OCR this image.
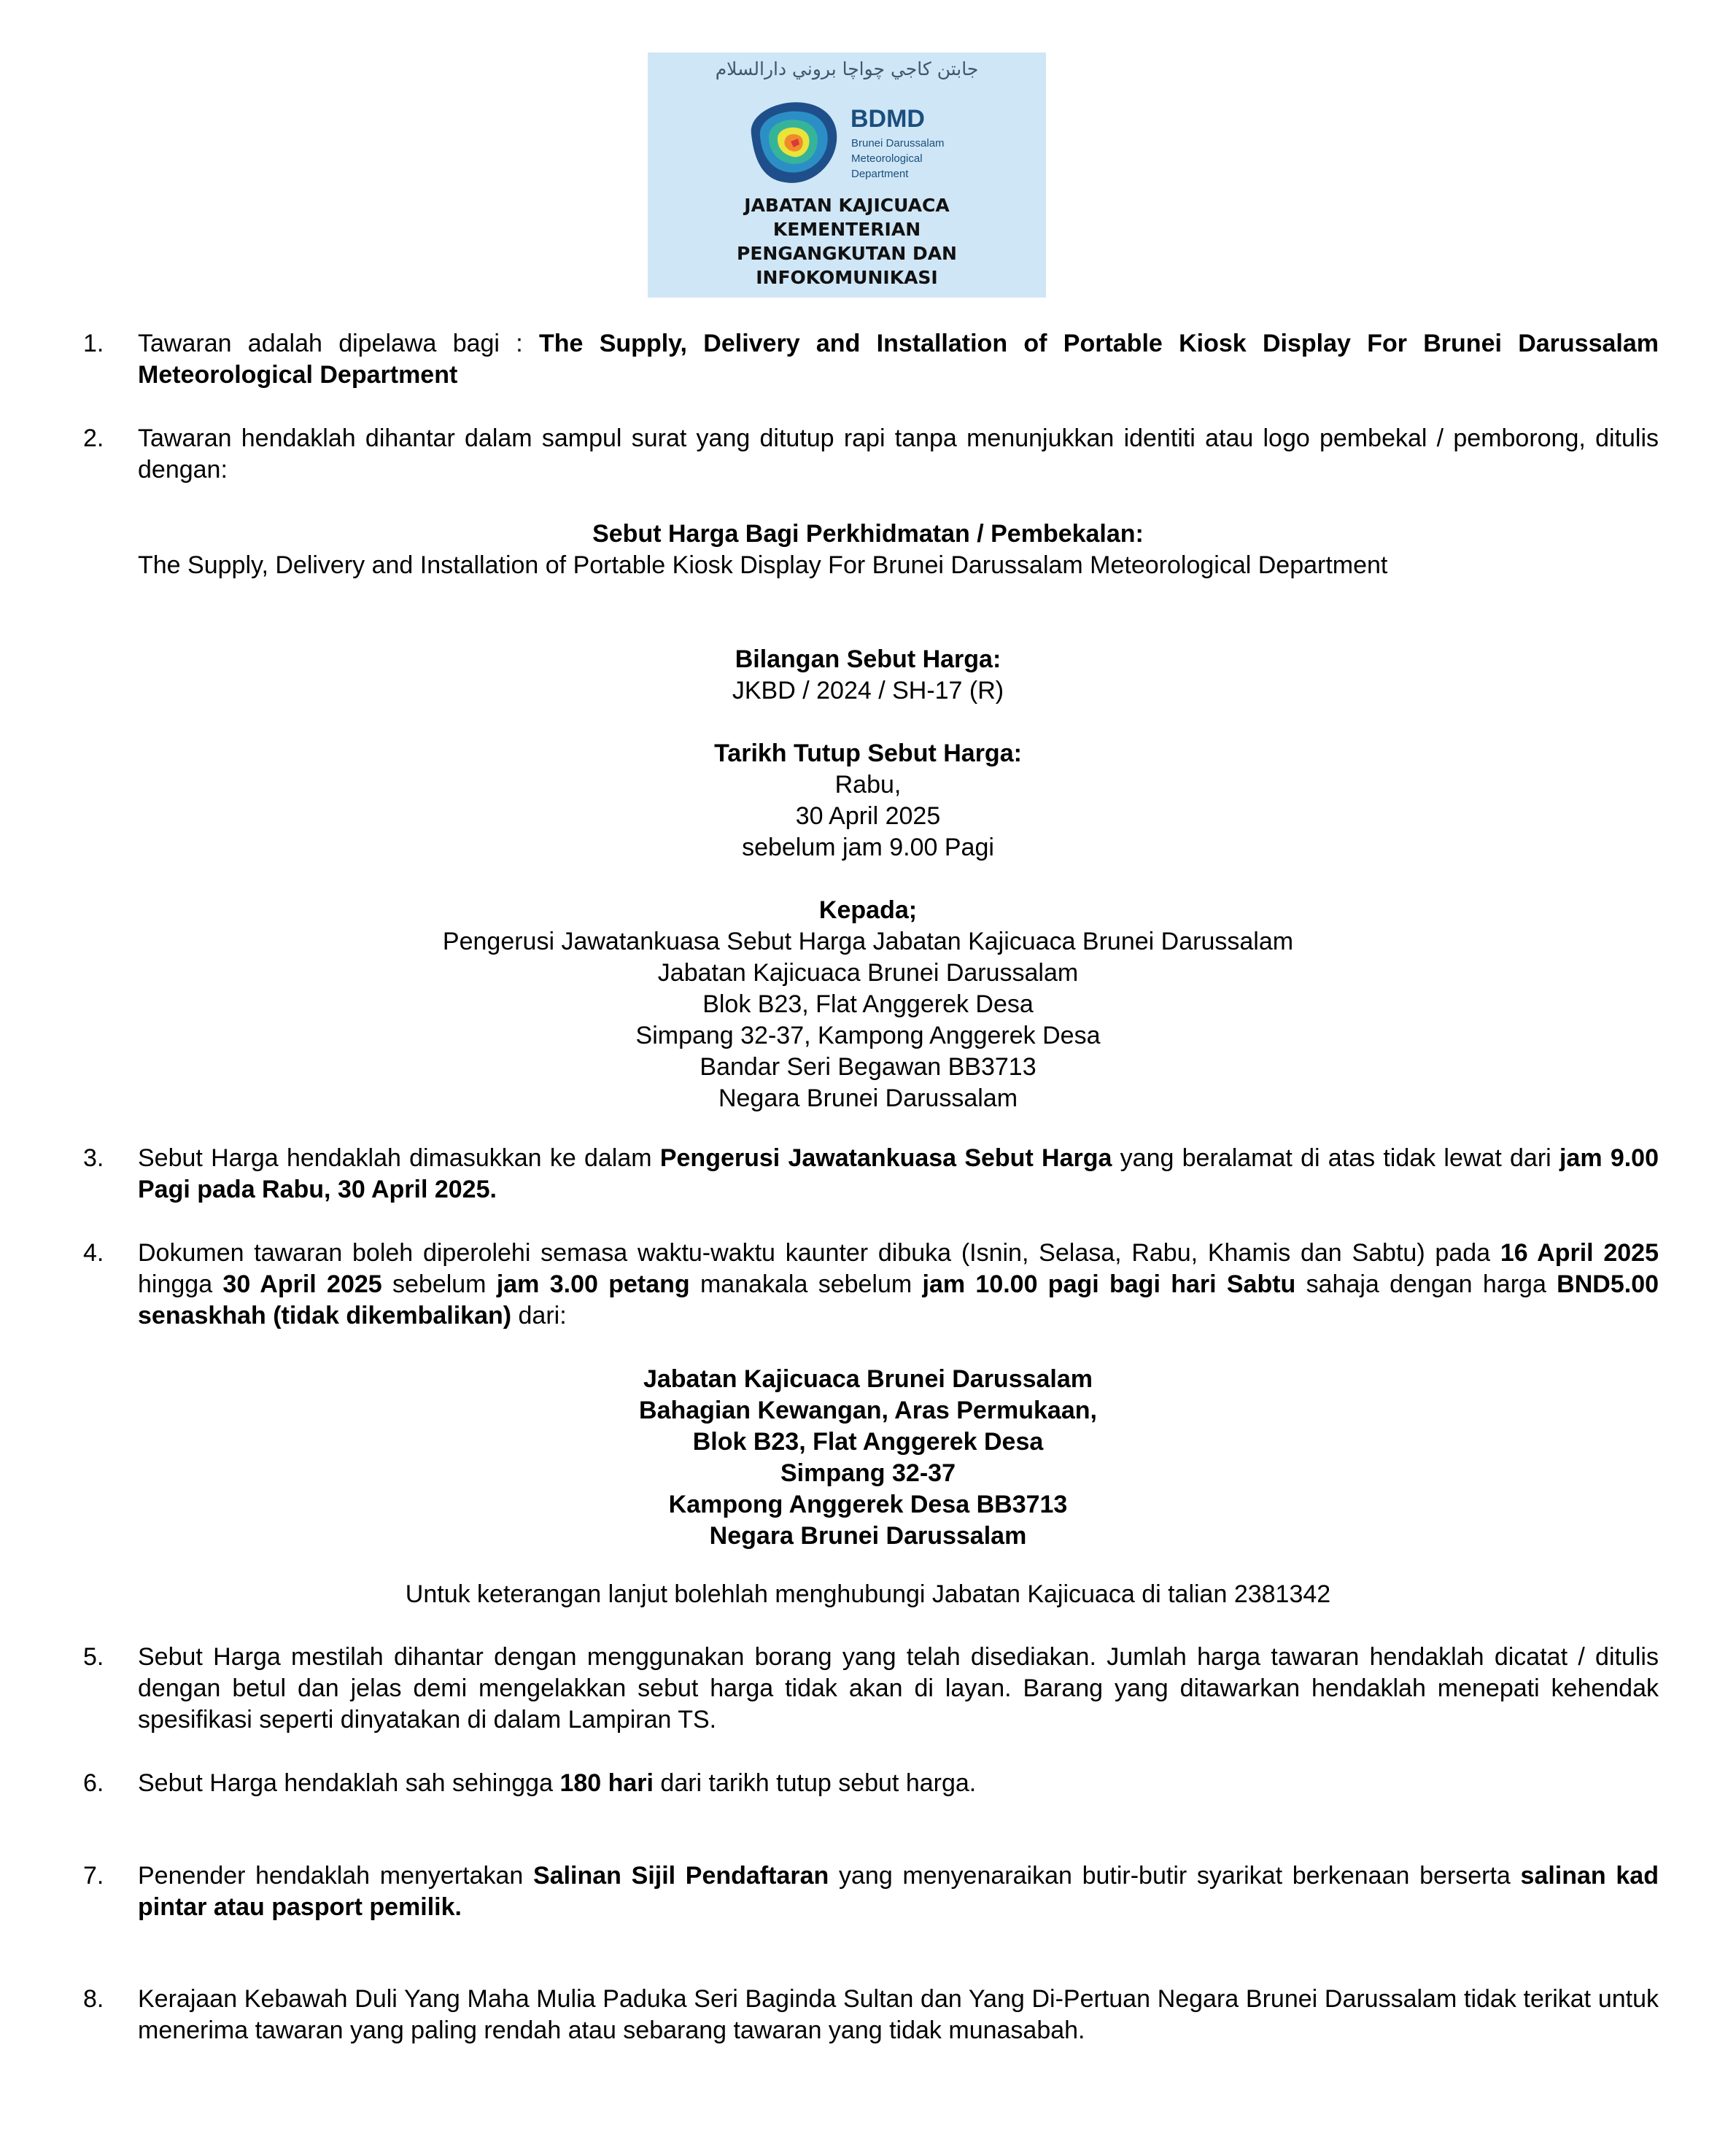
جابتن کاجي چواچا بروني دارالسلام
BDMD
Brunei Darussalam
Meteorological
Department
JABATAN KAJICUACA
KEMENTERIAN
PENGANGKUTAN DAN
INFOKOMUNIKASI
1. Tawaran adalah dipelawa bagi : The Supply, Delivery and Installation of Portable Kiosk Display For Brunei Darussalam Meteorological Department
2. Tawaran hendaklah dihantar dalam sampul surat yang ditutup rapi tanpa menunjukkan identiti atau logo pembekal / pemborong, ditulis dengan:
Sebut Harga Bagi Perkhidmatan / Pembekalan:
The Supply, Delivery and Installation of Portable Kiosk Display For Brunei Darussalam Meteorological Department
Bilangan Sebut Harga:
JKBD / 2024 / SH-17 (R)
Tarikh Tutup Sebut Harga:
Rabu,
30 April 2025
sebelum jam 9.00 Pagi
Kepada;
Pengerusi Jawatankuasa Sebut Harga Jabatan Kajicuaca Brunei Darussalam
Jabatan Kajicuaca Brunei Darussalam
Blok B23, Flat Anggerek Desa
Simpang 32-37, Kampong Anggerek Desa
Bandar Seri Begawan BB3713
Negara Brunei Darussalam
3. Sebut Harga hendaklah dimasukkan ke dalam Pengerusi Jawatankuasa Sebut Harga yang beralamat di atas tidak lewat dari jam 9.00 Pagi pada Rabu, 30 April 2025.
4. Dokumen tawaran boleh diperolehi semasa waktu-waktu kaunter dibuka (Isnin, Selasa, Rabu, Khamis dan Sabtu) pada 16 April 2025 hingga 30 April 2025 sebelum jam 3.00 petang manakala sebelum jam 10.00 pagi bagi hari Sabtu sahaja dengan harga BND5.00 senaskhah (tidak dikembalikan) dari:
Jabatan Kajicuaca Brunei Darussalam
Bahagian Kewangan, Aras Permukaan,
Blok B23, Flat Anggerek Desa
Simpang 32-37
Kampong Anggerek Desa BB3713
Negara Brunei Darussalam
Untuk keterangan lanjut bolehlah menghubungi Jabatan Kajicuaca di talian 2381342
5. Sebut Harga mestilah dihantar dengan menggunakan borang yang telah disediakan. Jumlah harga tawaran hendaklah dicatat / ditulis dengan betul dan jelas demi mengelakkan sebut harga tidak akan di layan. Barang yang ditawarkan hendaklah menepati kehendak spesifikasi seperti dinyatakan di dalam Lampiran TS.
6. Sebut Harga hendaklah sah sehingga 180 hari dari tarikh tutup sebut harga.
7. Penender hendaklah menyertakan Salinan Sijil Pendaftaran yang menyenaraikan butir-butir syarikat berkenaan berserta salinan kad pintar atau pasport pemilik.
8. Kerajaan Kebawah Duli Yang Maha Mulia Paduka Seri Baginda Sultan dan Yang Di-Pertuan Negara Brunei Darussalam tidak terikat untuk menerima tawaran yang paling rendah atau sebarang tawaran yang tidak munasabah.
